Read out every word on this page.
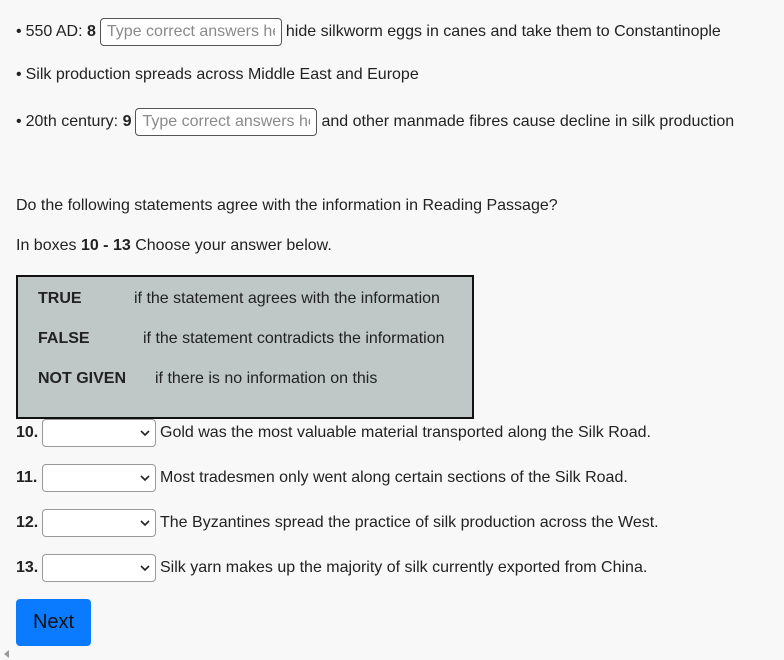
• 550 AD:
8
Type correct answers here	hide silkworm eggs in canes and take them to Constantinople
• Silk production spreads across Middle East and Europe
• 20th century:
9
Type correct answers here	and other manmade fibres cause decline in silk production
Do the following statements agree with the information in Reading Passage?
In boxes
10 - 13
Choose your answer below.
TRUE	if the statement agrees with the information
FALSE	if the statement contradicts the information
NOT GIVEN	if there is no information on this
10.	Gold was the most valuable material transported along the Silk Road.
11.	Most tradesmen only went along certain sections of the Silk Road.
12.	The Byzantines spread the practice of silk production across the West.
13.	Silk yarn makes up the majority of silk currently exported from China.
Next
